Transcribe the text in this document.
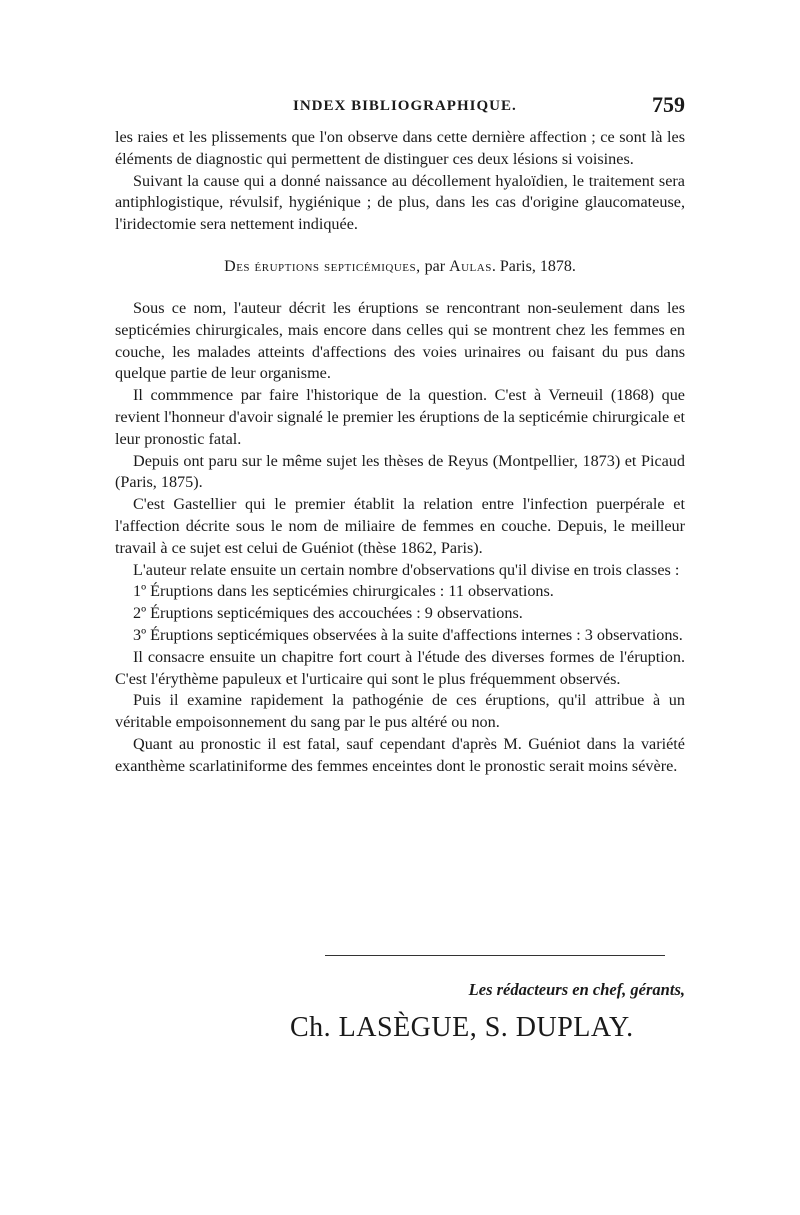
INDEX BIBLIOGRAPHIQUE.	759

les raies et les plissements que l'on observe dans cette dernière affection ; ce sont là les éléments de diagnostic qui permettent de distinguer ces deux lésions si voisines.

Suivant la cause qui a donné naissance au décollement hyaloïdien, le traitement sera antiphlogistique, révulsif, hygiénique ; de plus, dans les cas d'origine glaucomateuse, l'iridectomie sera nettement indiquée.

Des éruptions septicémiques, par Aulas. Paris, 1878.

Sous ce nom, l'auteur décrit les éruptions se rencontrant non-seulement dans les septicémies chirurgicales, mais encore dans celles qui se montrent chez les femmes en couche, les malades atteints d'affections des voies urinaires ou faisant du pus dans quelque partie de leur organisme.

Il commmence par faire l'historique de la question. C'est à Verneuil (1868) que revient l'honneur d'avoir signalé le premier les éruptions de la septicémie chirurgicale et leur pronostic fatal.

Depuis ont paru sur le même sujet les thèses de Reyus (Montpellier, 1873) et Picaud (Paris, 1875).

C'est Gastellier qui le premier établit la relation entre l'infection puerpérale et l'affection décrite sous le nom de miliaire de femmes en couche. Depuis, le meilleur travail à ce sujet est celui de Guéniot (thèse 1862, Paris).

L'auteur relate ensuite un certain nombre d'observations qu'il divise en trois classes :

1º Éruptions dans les septicémies chirurgicales : 11 observations.

2º Éruptions septicémiques des accouchées : 9 observations.

3º Éruptions septicémiques observées à la suite d'affections internes : 3 observations.

Il consacre ensuite un chapitre fort court à l'étude des diverses formes de l'éruption. C'est l'érythème papuleux et l'urticaire qui sont le plus fréquemment observés.

Puis il examine rapidement la pathogénie de ces éruptions, qu'il attribue à un véritable empoisonnement du sang par le pus altéré ou non.

Quant au pronostic il est fatal, sauf cependant d'après M. Guéniot dans la variété exanthème scarlatiniforme des femmes enceintes dont le pronostic serait moins sévère.

Les rédacteurs en chef, gérants,
Ch. LASÈGUE, S. DUPLAY.
